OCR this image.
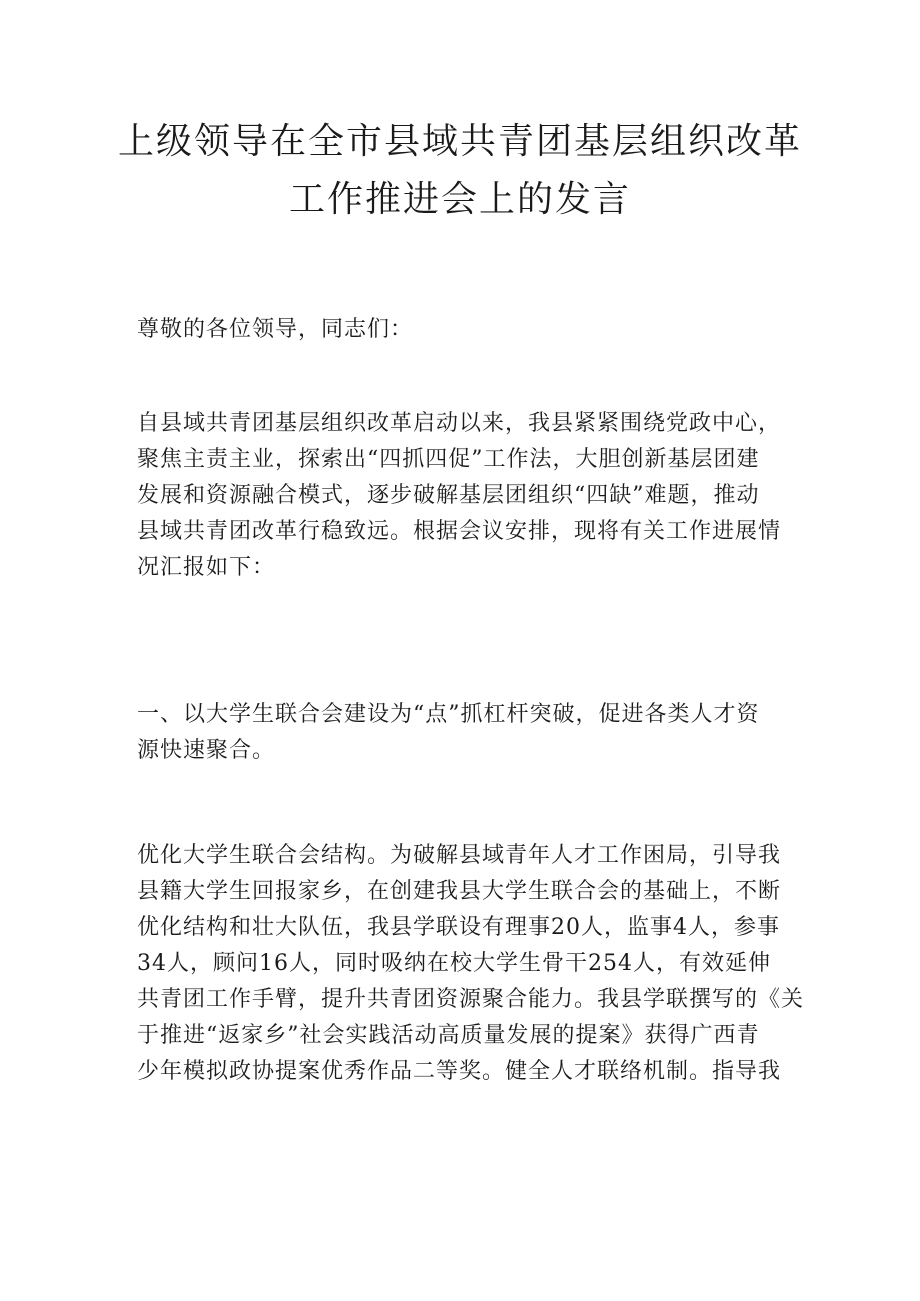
上级领导在全市县域共青团基层组织改革
工作推进会上的发言

尊敬的各位领导，同志们：

自县域共青团基层组织改革启动以来，我县紧紧围绕党政中心，
聚焦主责主业，探索出“四抓四促”工作法，大胆创新基层团建
发展和资源融合模式，逐步破解基层团组织“四缺”难题，推动
县域共青团改革行稳致远。根据会议安排，现将有关工作进展情
况汇报如下：

一、以大学生联合会建设为“点”抓杠杆突破，促进各类人才资
源快速聚合。

优化大学生联合会结构。为破解县域青年人才工作困局，引导我
县籍大学生回报家乡，在创建我县大学生联合会的基础上，不断
优化结构和壮大队伍，我县学联设有理事20人，监事4人，参事
34人，顾问16人，同时吸纳在校大学生骨干254人，有效延伸
共青团工作手臂，提升共青团资源聚合能力。我县学联撰写的《关
于推进“返家乡”社会实践活动高质量发展的提案》获得广西青
少年模拟政协提案优秀作品二等奖。健全人才联络机制。指导我
